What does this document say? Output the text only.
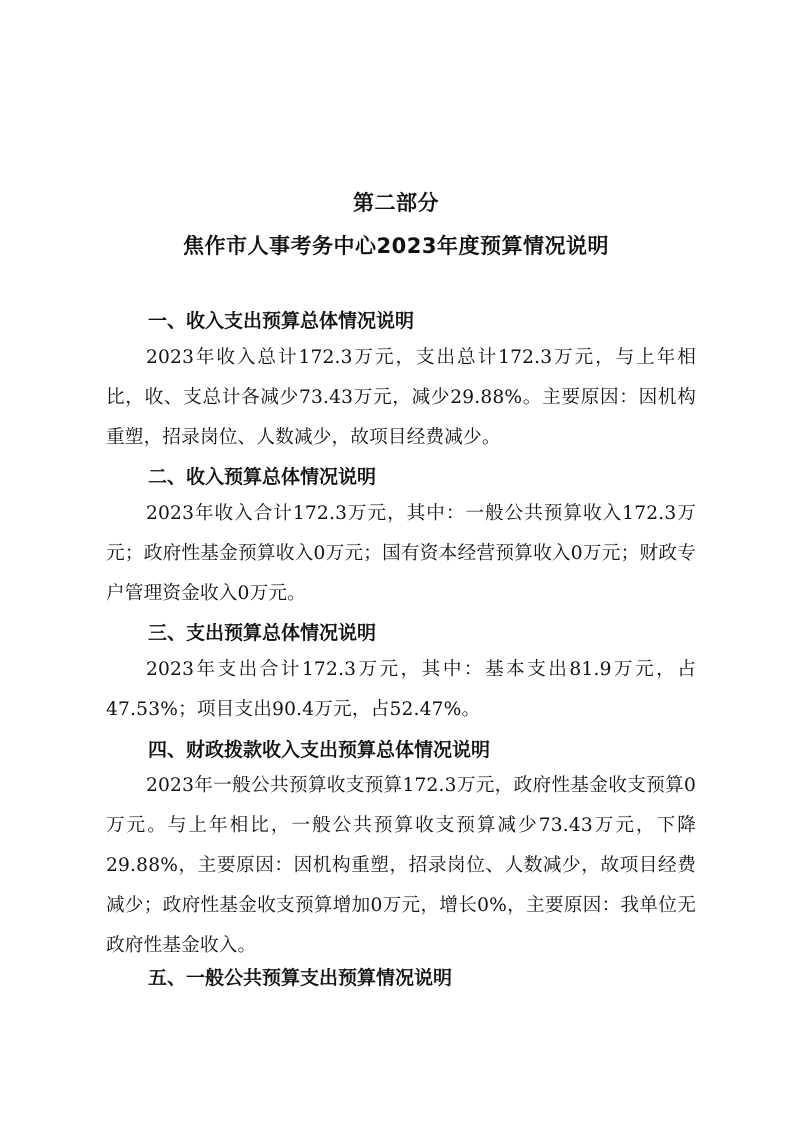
第二部分
焦作市人事考务中心2023年度预算情况说明
一、收入支出预算总体情况说明
2023年收入总计172.3万元，支出总计172.3万元，与上年相比，收、支总计各减少73.43万元，减少29.88%。主要原因：因机构重塑，招录岗位、人数减少，故项目经费减少。
二、收入预算总体情况说明
2023年收入合计172.3万元，其中：一般公共预算收入172.3万元；政府性基金预算收入0万元；国有资本经营预算收入0万元；财政专户管理资金收入0万元。
三、支出预算总体情况说明
2023年支出合计172.3万元，其中：基本支出81.9万元，占47.53%；项目支出90.4万元，占52.47%。
四、财政拨款收入支出预算总体情况说明
2023年一般公共预算收支预算172.3万元，政府性基金收支预算0万元。与上年相比，一般公共预算收支预算减少73.43万元，下降29.88%，主要原因：因机构重塑，招录岗位、人数减少，故项目经费减少；政府性基金收支预算增加0万元，增长0%，主要原因：我单位无政府性基金收入。
五、一般公共预算支出预算情况说明
